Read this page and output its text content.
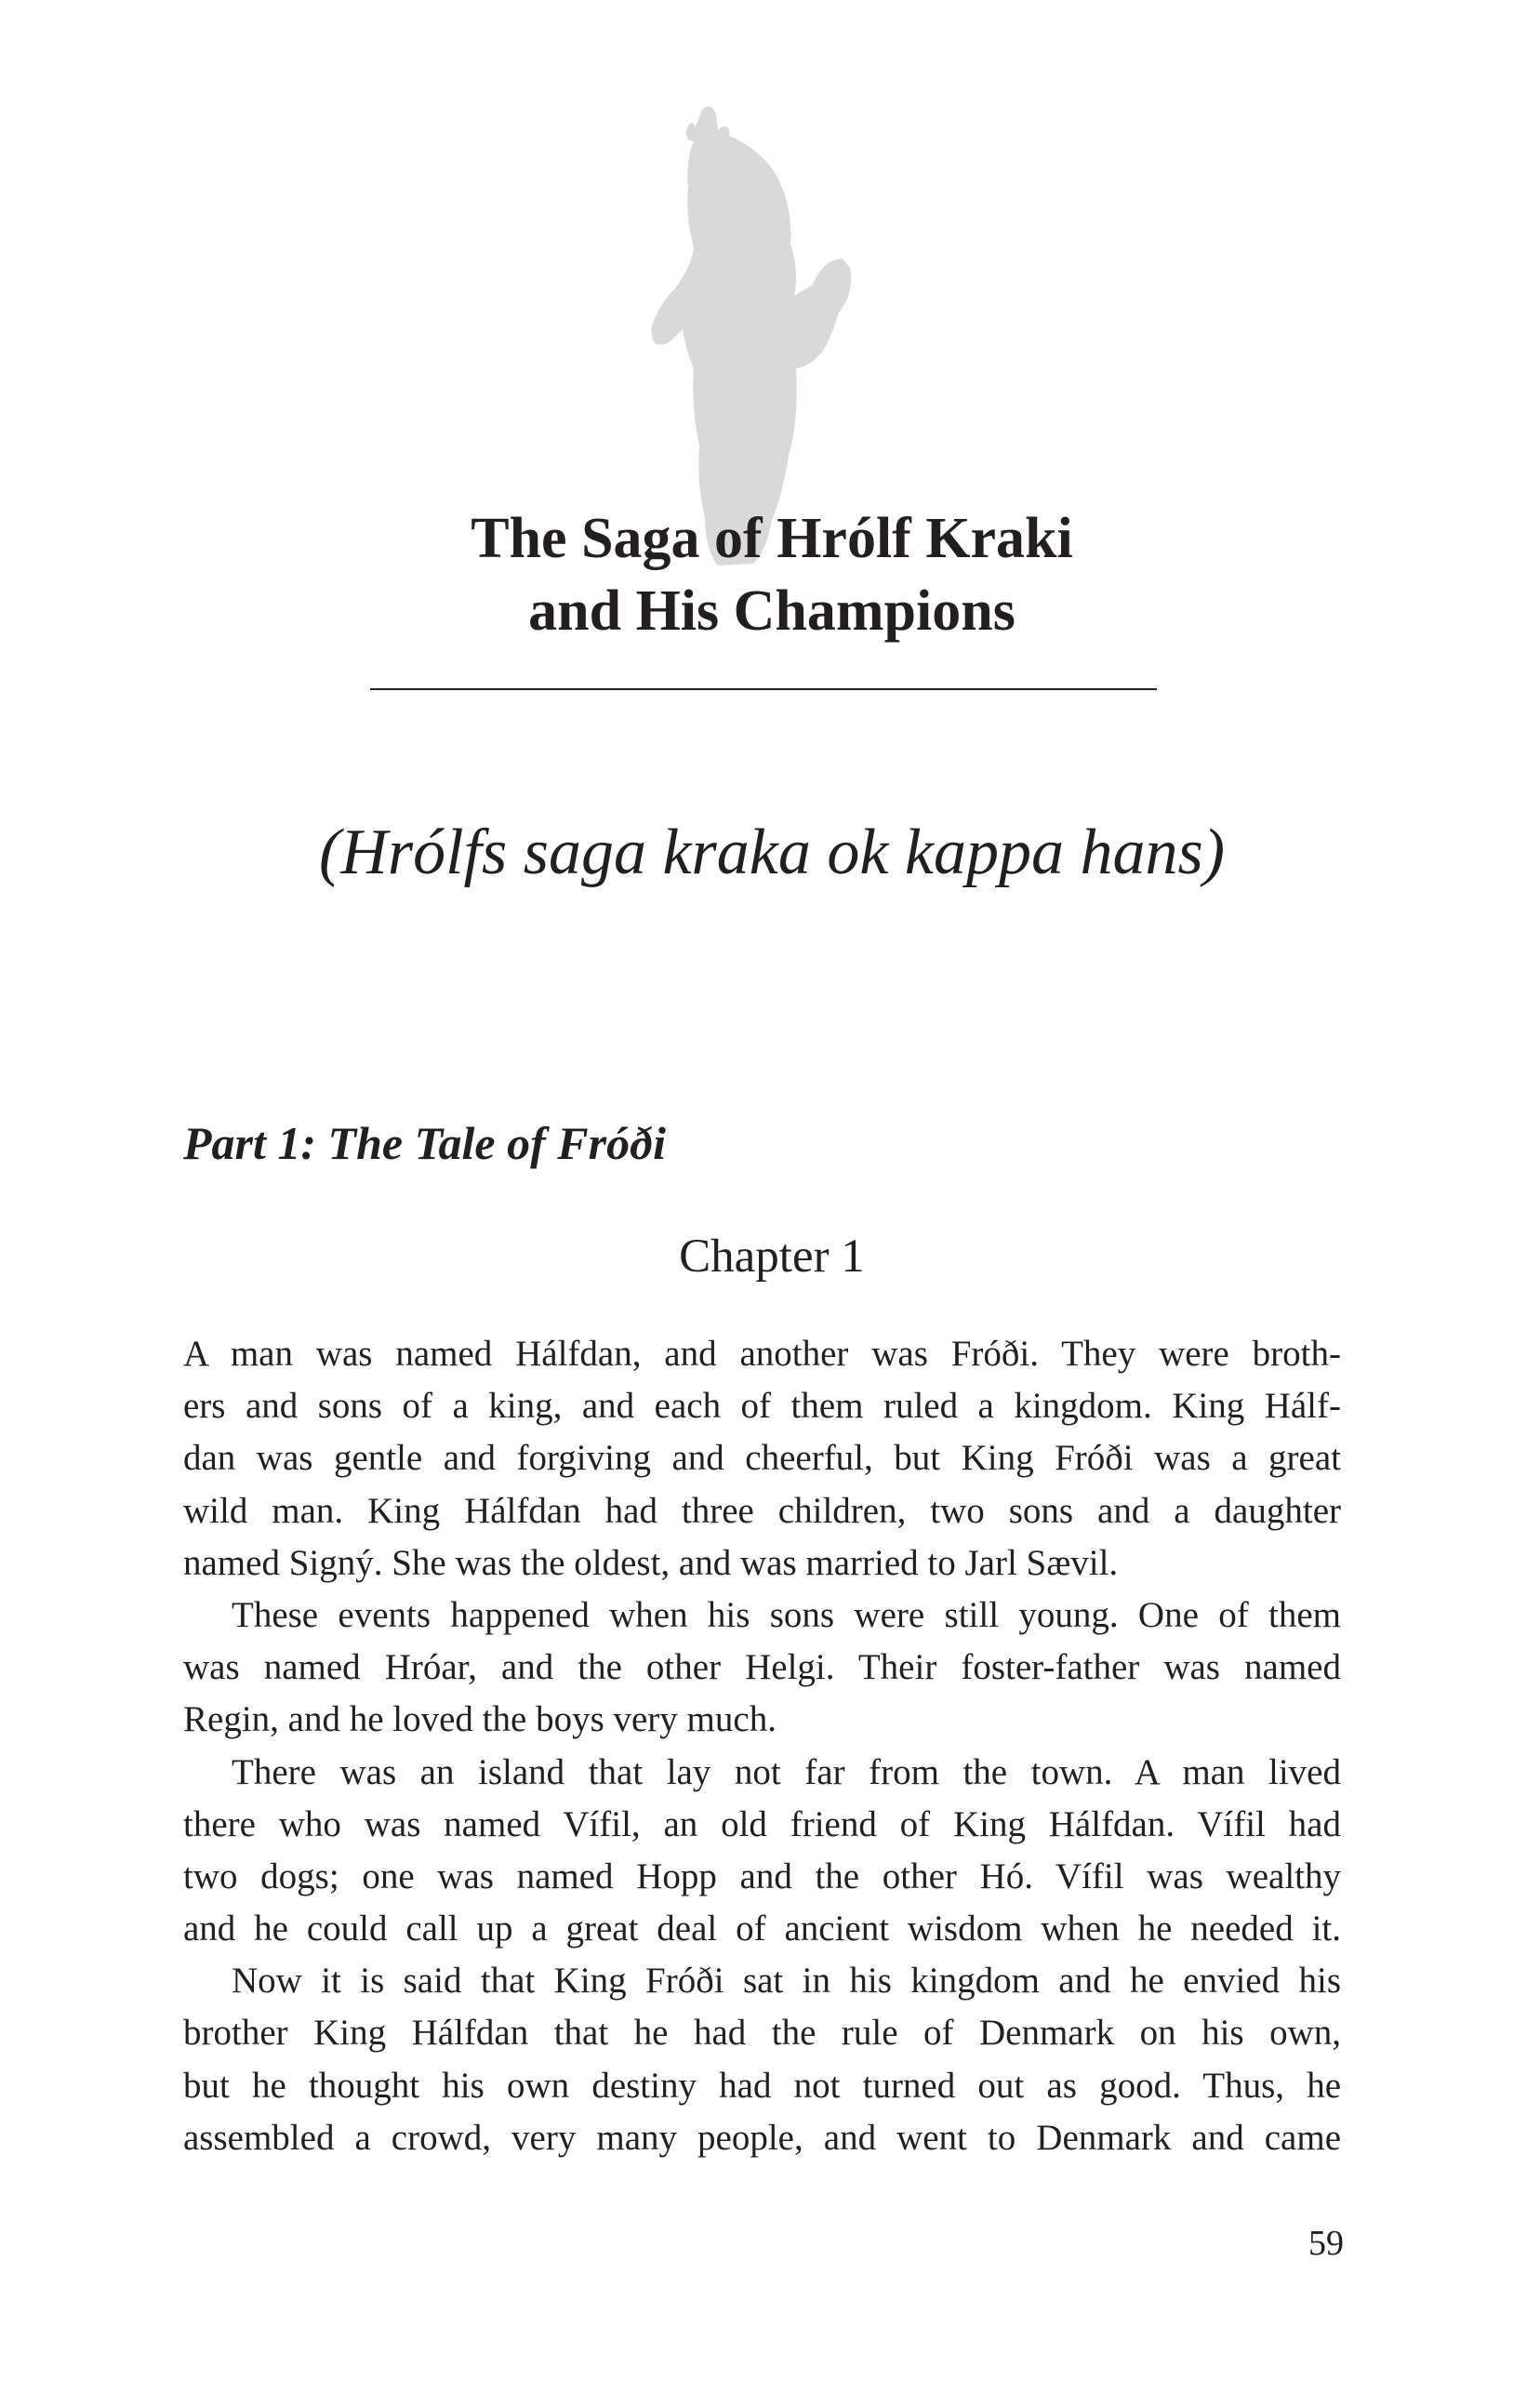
The Saga of Hrólf Kraki
and His Champions
(Hrólfs saga kraka ok kappa hans)
Part 1: The Tale of Fróði
Chapter 1
A man was named Hálfdan, and another was Fróði. They were broth-
ers and sons of a king, and each of them ruled a kingdom. King Hálf-
dan was gentle and forgiving and cheerful, but King Fróði was a great
wild man. King Hálfdan had three children, two sons and a daughter
named Signý. She was the oldest, and was married to Jarl Sævil.
These events happened when his sons were still young. One of them
was named Hróar, and the other Helgi. Their foster-father was named
Regin, and he loved the boys very much.
There was an island that lay not far from the town. A man lived
there who was named Vífil, an old friend of King Hálfdan. Vífil had
two dogs; one was named Hopp and the other Hó. Vífil was wealthy
and he could call up a great deal of ancient wisdom when he needed it.
Now it is said that King Fróði sat in his kingdom and he envied his
brother King Hálfdan that he had the rule of Denmark on his own,
but he thought his own destiny had not turned out as good. Thus, he
assembled a crowd, very many people, and went to Denmark and came
59
